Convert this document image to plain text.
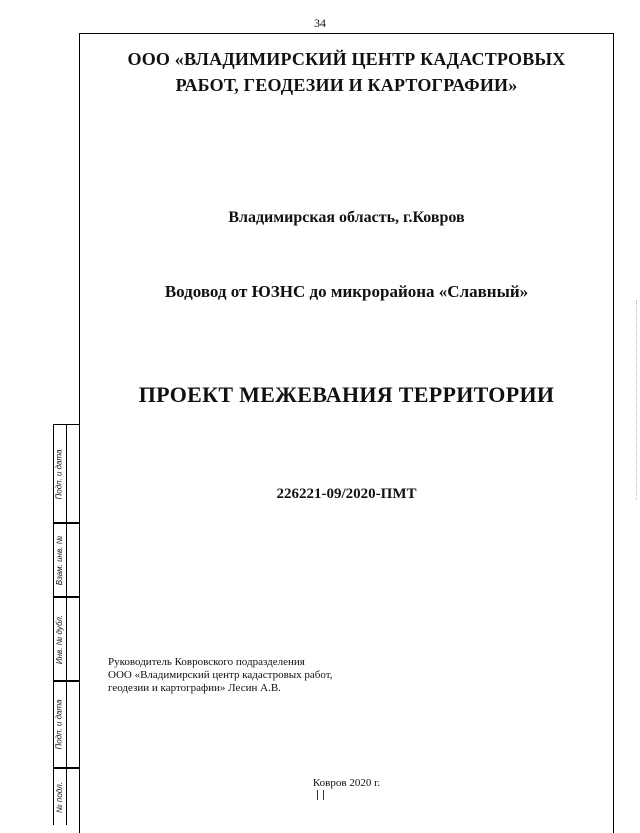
34
ООО «ВЛАДИМИРСКИЙ ЦЕНТР КАДАСТРОВЫХ
РАБОТ, ГЕОДЕЗИИ И КАРТОГРАФИИ»
Владимирская область, г.Ковров
Водовод от ЮЗНС до микрорайона «Славный»
ПРОЕКТ МЕЖЕВАНИЯ ТЕРРИТОРИИ
226221-09/2020-ПМТ
Руководитель Ковровского подразделения
ООО «Владимирский центр кадастровых работ,
геодезии и картографии» Лесин А.В.
Ковров 2020 г.
Подп. и дата
Взам. инв. №
Инв. № дубл.
Подп. и дата
№ подл.
